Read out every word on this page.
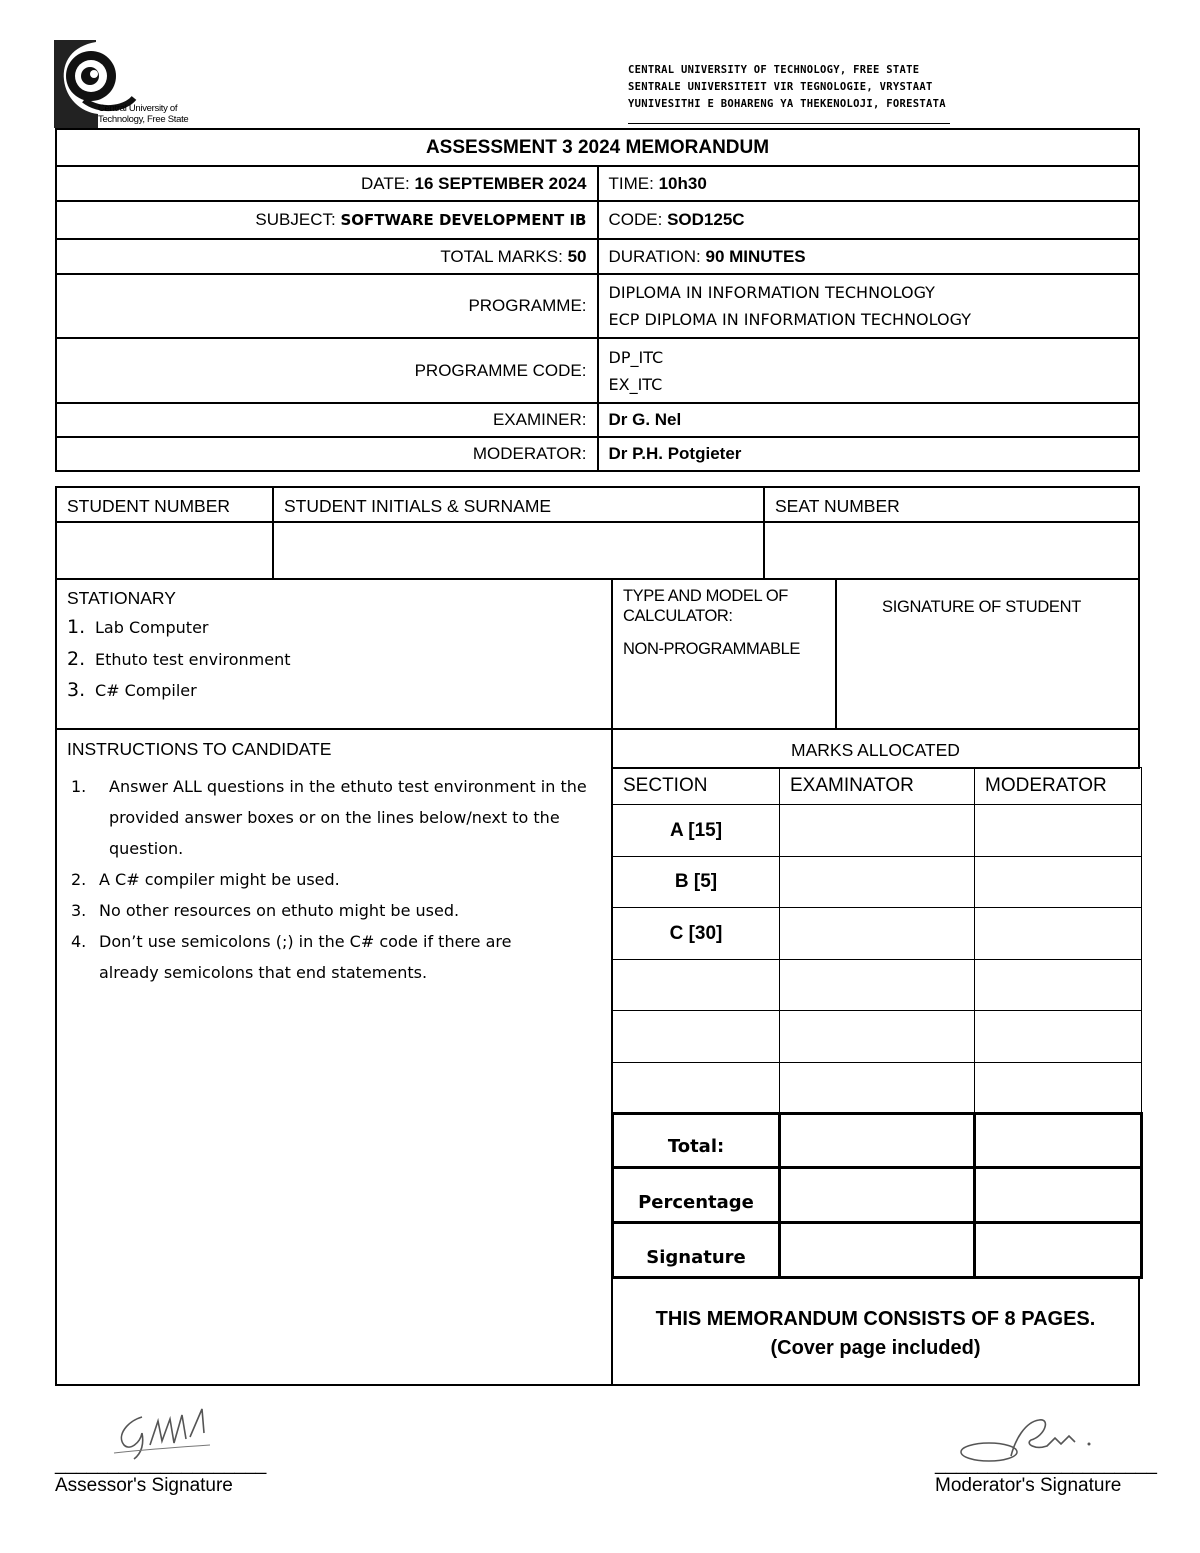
Central University of
Technology, Free State
CENTRAL UNIVERSITY OF TECHNOLOGY, FREE STATE
SENTRALE UNIVERSITEIT VIR TEGNOLOGIE, VRYSTAAT
YUNIVESITHI E BOHARENG YA THEKENOLOJI, FORESTATA
ASSESSMENT 3 2024 MEMORANDUM	
DATE: 16 SEPTEMBER 2024	TIME: 10h30
SUBJECT: SOFTWARE DEVELOPMENT IB	CODE: SOD125C
TOTAL MARKS: 50	DURATION: 90 MINUTES
PROGRAMME:	DIPLOMA IN INFORMATION TECHNOLOGY
ECP DIPLOMA IN INFORMATION TECHNOLOGY

PROGRAMME CODE:	DP_ITC
EX_ITC

EXAMINER:	Dr G. Nel
MODERATOR:	Dr P.H. Potgieter
STUDENT NUMBER	STUDENT INITIALS & SURNAME	SEAT NUMBER
STATIONARY
1. Lab Computer
2. Ethuto test environment
3. C# Compiler
TYPE AND MODEL OF CALCULATOR:
NON-PROGRAMMABLE
SIGNATURE OF STUDENT
INSTRUCTIONS TO CANDIDATE
1.	Answer ALL questions in the ethuto test environment in the provided answer boxes or on the lines below/next to the question.
2. A C# compiler might be used.
3. No other resources on ethuto might be used.
4. Don’t use semicolons (;) in the C# code if there are already semicolons that end statements.
MARKS ALLOCATED
SECTION	EXAMINATOR	MODERATOR
A [15]		
B [5]		
C [30]		

Total:		
Percentage		
Signature		
THIS MEMORANDUM CONSISTS OF 8 PAGES.
(Cover page included)
____________________
Assessor's Signature
_____________________
Moderator's Signature
